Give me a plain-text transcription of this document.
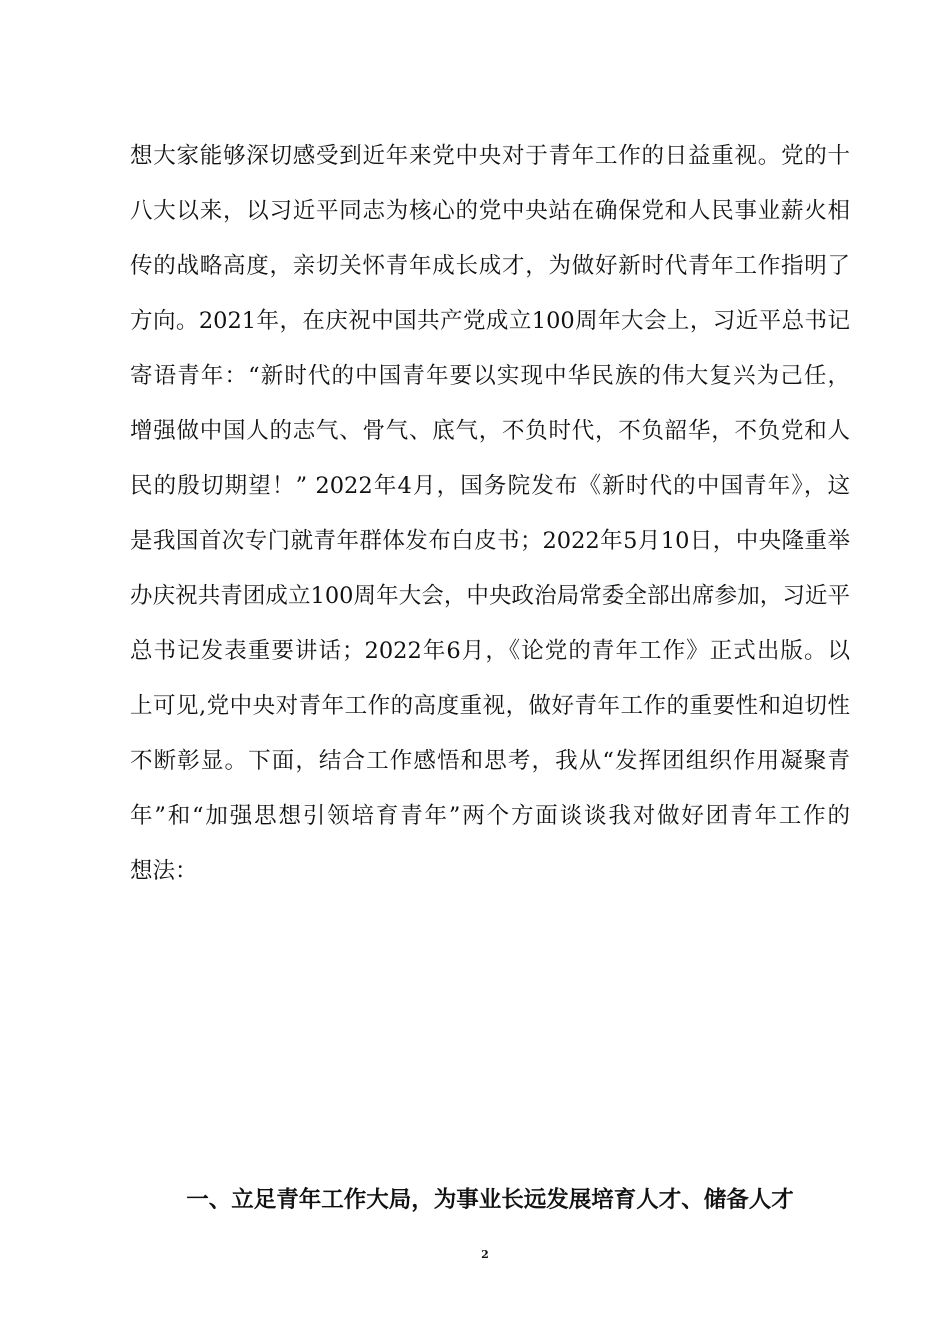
想大家能够深切感受到近年来党中央对于青年工作的日益重视。党的十
八大以来，以习近平同志为核心的党中央站在确保党和人民事业薪火相
传的战略高度，亲切关怀青年成长成才，为做好新时代青年工作指明了
方向。2021年，在庆祝中国共产党成立100周年大会上，习近平总书记
寄语青年：“新时代的中国青年要以实现中华民族的伟大复兴为己任，
增强做中国人的志气、骨气、底气，不负时代，不负韶华，不负党和人
民的殷切期望！” 2022年4月，国务院发布《新时代的中国青年》，这
是我国首次专门就青年群体发布白皮书；2022年5月10日，中央隆重举
办庆祝共青团成立100周年大会，中央政治局常委全部出席参加，习近平
总书记发表重要讲话；2022年6月，《论党的青年工作》正式出版。以
上可见,党中央对青年工作的高度重视，做好青年工作的重要性和迫切性
不断彰显。下面，结合工作感悟和思考，我从“发挥团组织作用凝聚青
年”和“加强思想引领培育青年”两个方面谈谈我对做好团青年工作的
想法：
一、立足青年工作大局，为事业长远发展培育人才、储备人才
2
